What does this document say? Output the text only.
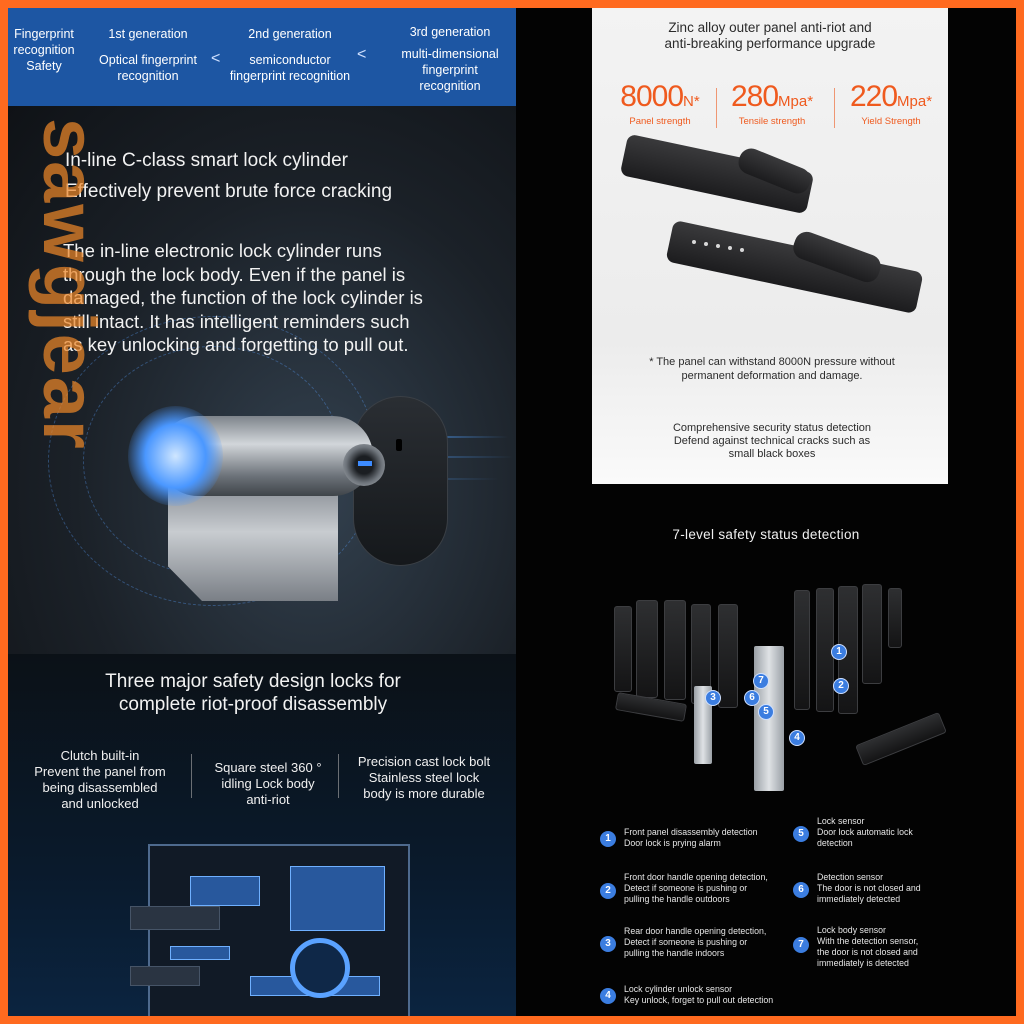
Fingerprint
recognition
Safety
1st generation
Optical fingerprint
recognition
<
2nd generation
semiconductor
fingerprint recognition
<
3rd generation
multi-dimensional
fingerprint
recognition
In-line C-class smart lock cylinder
Effectively prevent brute force cracking
The in-line electronic lock cylinder runs
through the lock body. Even if the panel is
damaged, the function of the lock cylinder is
still intact. It has intelligent reminders such
as key unlocking and forgetting to pull out.
Three major safety design locks for
complete riot-proof disassembly
Clutch built-in
Prevent the panel from
being disassembled
and unlocked
Square steel 360 °
idling Lock body
anti-riot
Precision cast lock bolt
Stainless steel lock
body is more durable
sawgjear
Zinc alloy outer panel anti-riot and
anti-breaking performance upgrade
8000N*
Panel strength
280Mpa*
Tensile strength
220Mpa*
Yield Strength
* The panel can withstand 8000N pressure without
permanent deformation and damage.
Comprehensive security status detection
Defend against technical cracks such as
small black boxes
7-level safety status detection
7
6
3
5
4
1
2
1
Front panel disassembly detection
Door lock is prying alarm
2
Front door handle opening detection,
Detect if someone is pushing or
pulling the handle outdoors
3
Rear door handle opening detection,
Detect if someone is pushing or
pulling the handle indoors
4
Lock cylinder unlock sensor
Key unlock, forget to pull out detection
5
Lock sensor
Door lock automatic lock
detection
6
Detection sensor
The door is not closed and
immediately detected
7
Lock body sensor
With the detection sensor,
the door is not closed and
immediately is detected
